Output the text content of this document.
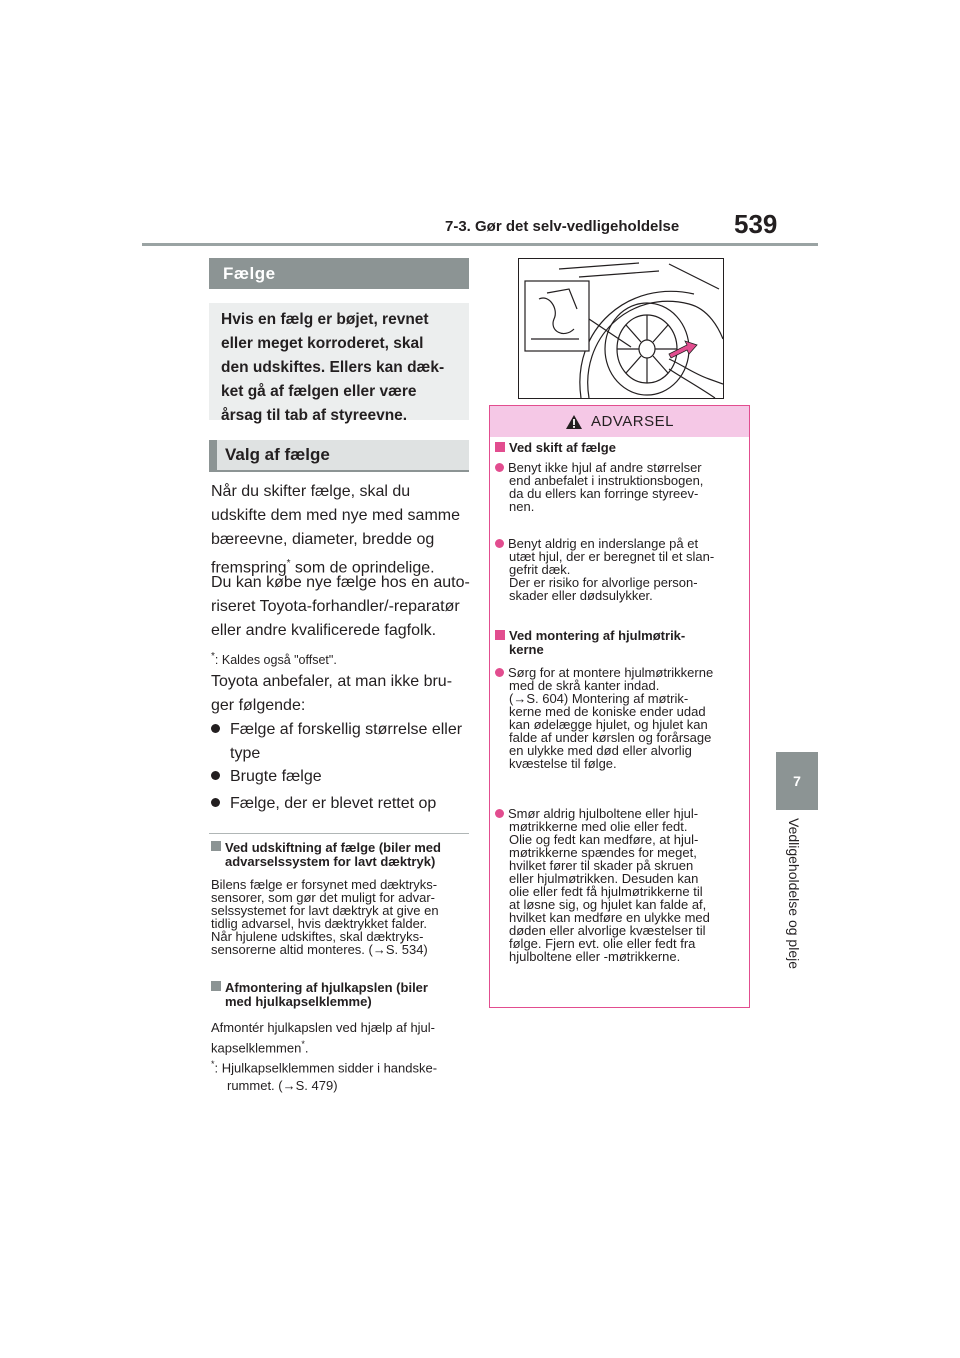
7-3. Gør det selv-vedligeholdelse 539
7
Vedligeholdelse og pleje
Fælge
Hvis en fælg er bøjet, revnet
eller meget korroderet, skal
den udskiftes. Ellers kan dæk-
ket gå af fælgen eller være
årsag til tab af styreevne.
Valg af fælge
Når du skifter fælge, skal du
udskifte dem med nye med samme
bæreevne, diameter, bredde og
fremspring* som de oprindelige.
Du kan købe nye fælge hos en auto-
riseret Toyota-forhandler/-reparatør
eller andre kvalificerede fagfolk.
*: Kaldes også "offset".
Toyota anbefaler, at man ikke bru-
ger følgende:
Fælge af forskellig størrelse eller
type
Brugte fælge
Fælge, der er blevet rettet op
Ved udskiftning af fælge (biler med
advarselssystem for lavt dæktryk)
Bilens fælge er forsynet med dæktryks-
sensorer, som gør det muligt for advar-
selssystemet for lavt dæktryk at give en
tidlig advarsel, hvis dæktrykket falder.
Når hjulene udskiftes, skal dæktryks-
sensorerne altid monteres. (→S. 534)
Afmontering af hjulkapslen (biler
med hjulkapselklemme)
Afmontér hjulkapslen ved hjælp af hjul-
kapselklemmen*.
*: Hjulkapselklemmen sidder i handske-
rummet. (→S. 479)
ADVARSEL
Ved skift af fælge
Benyt ikke hjul af andre størrelser
end anbefalet i instruktionsbogen,
da du ellers kan forringe styreev-
nen.
Benyt aldrig en inderslange på et
utæt hjul, der er beregnet til et slan-
gefrit dæk.
Der er risiko for alvorlige person-
skader eller dødsulykker.
Ved montering af hjulmøtrik-
kerne
Sørg for at montere hjulmøtrikkerne
med de skrå kanter indad.
(→S. 604) Montering af møtrik-
kerne med de koniske ender udad
kan ødelægge hjulet, og hjulet kan
falde af under kørslen og forårsage
en ulykke med død eller alvorlig
kvæstelse til følge.
Smør aldrig hjulboltene eller hjul-
møtrikkerne med olie eller fedt.
Olie og fedt kan medføre, at hjul-
møtrikkerne spændes for meget,
hvilket fører til skader på skruen
eller hjulmøtrikken. Desuden kan
olie eller fedt få hjulmøtrikkerne til
at løsne sig, og hjulet kan falde af,
hvilket kan medføre en ulykke med
døden eller alvorlige kvæstelser til
følge. Fjern evt. olie eller fedt fra
hjulboltene eller -møtrikkerne.
